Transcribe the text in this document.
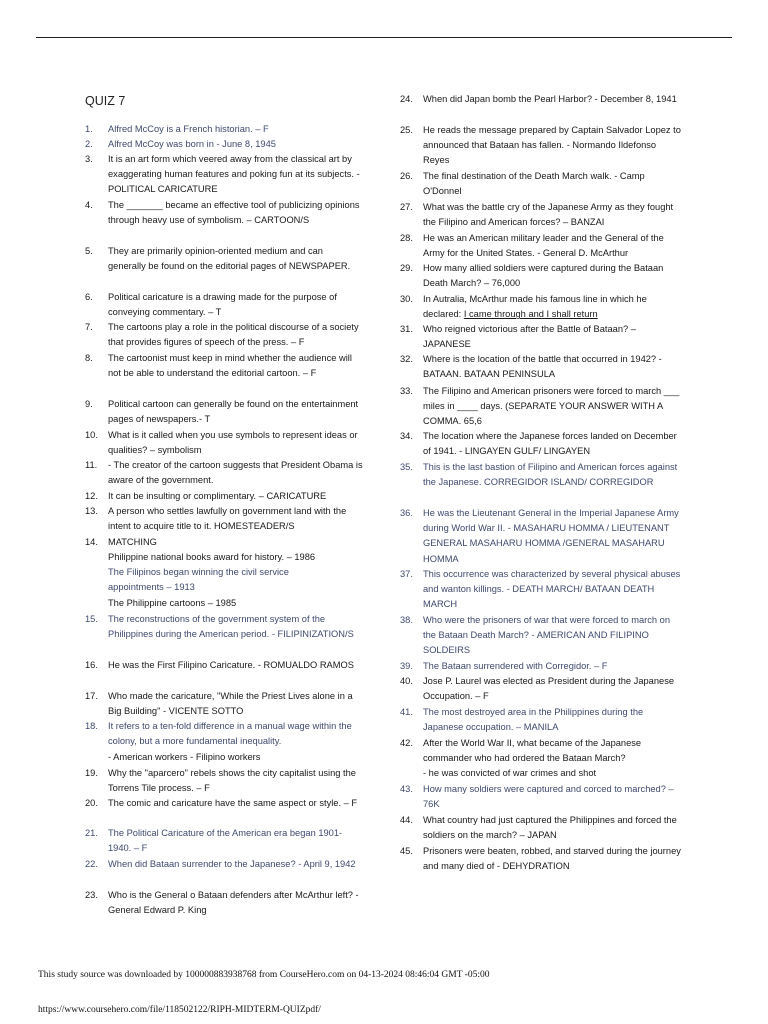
QUIZ 7
1.	Alfred McCoy is a French historian. – F
2.	Alfred McCoy was born in - June 8, 1945
3.	It is an art form which veered away from the classical art by exaggerating human features and poking fun at its subjects. - POLITICAL CARICATURE
4.	The _______ became an effective tool of publicizing opinions through heavy use of symbolism. – CARTOON/S
5.	They are primarily opinion-oriented medium and can generally be found on the editorial pages of NEWSPAPER.
6.	Political caricature is a drawing made for the purpose of conveying commentary. – T
7.	The cartoons play a role in the political discourse of a society that provides figures of speech of the press. – F
8.	The cartoonist must keep in mind whether the audience will not be able to understand the editorial cartoon. – F
9.	Political cartoon can generally be found on the entertainment pages of newspapers.- T
10.	What is it called when you use symbols to represent ideas or qualities? – symbolism
11.	- The creator of the cartoon suggests that President Obama is aware of the government.
12.	It can be insulting or complimentary. – CARICATURE
13.	A person who settles lawfully on government land with the intent to acquire title to it. HOMESTEADER/S
14.	MATCHING
Philippine national books award for history. – 1986
The Filipinos began winning the civil service appointments – 1913
The Philippine cartoons – 1985
15.	The reconstructions of the government system of the Philippines during the American period. - FILIPINIZATION/S
16.	He was the First Filipino Caricature. - ROMUALDO RAMOS
17.	Who made the caricature, "While the Priest Lives alone in a Big Building" - VICENTE SOTTO
18.	It refers to a ten-fold difference in a manual wage within the colony, but a more fundamental inequality.
- American workers - Filipino workers
19.	Why the "aparcero" rebels shows the city capitalist using the Torrens Tile process. – F
20.	The comic and caricature have the same aspect or style. – F
21.	The Political Caricature of the American era began 1901-1940. – F
22.	When did Bataan surrender to the Japanese? - April 9, 1942
23.	Who is the General o Bataan defenders after McArthur left? - General Edward P. King
24.	When did Japan bomb the Pearl Harbor? - December 8, 1941
25.	He reads the message prepared by Captain Salvador Lopez to announced that Bataan has fallen. - Normando Ildefonso Reyes
26.	The final destination of the Death March walk. - Camp O'Donnel
27.	What was the battle cry of the Japanese Army as they fought the Filipino and American forces? – BANZAI
28.	He was an American military leader and the General of the Army for the United States. - General D. McArthur
29.	How many allied soldiers were captured during the Bataan Death March? – 76,000
30.	In Autralia, McArthur made his famous line in which he declared: I came through and I shall return
31.	Who reigned victorious after the Battle of Bataan? – JAPANESE
32.	Where is the location of the battle that occurred in 1942? - BATAAN. BATAAN PENINSULA
33.	The Filipino and American prisoners were forced to march ___ miles in ____ days. (SEPARATE YOUR ANSWER WITH A COMMA. 65,6
34.	The location where the Japanese forces landed on December of 1941. - LINGAYEN GULF/ LINGAYEN
35.	This is the last bastion of Filipino and American forces against the Japanese. CORREGIDOR ISLAND/ CORREGIDOR
36.	He was the Lieutenant General in the Imperial Japanese Army during World War II. - MASAHARU HOMMA / LIEUTENANT GENERAL MASAHARU HOMMA /GENERAL MASAHARU HOMMA
37.	This occurrence was characterized by several physical abuses and wanton killings. - DEATH MARCH/ BATAAN DEATH MARCH
38.	Who were the prisoners of war that were forced to march on the Bataan Death March? - AMERICAN AND FILIPINO SOLDEIRS
39.	The Bataan surrendered with Corregidor. – F
40.	Jose P. Laurel was elected as President during the Japanese Occupation. – F
41.	The most destroyed area in the Philippines during the Japanese occupation. – MANILA
42.	After the World War II, what became of the Japanese commander who had ordered the Bataan March?
- he was convicted of war crimes and shot
43.	How many soldiers were captured and corced to marched? – 76K
44.	What country had just captured the Philippines and forced the soldiers on the march? – JAPAN
45.	Prisoners were beaten, robbed, and starved during the journey and many died of - DEHYDRATION
This study source was downloaded by 100000883938768 from CourseHero.com on 04-13-2024 08:46:04 GMT -05:00
https://www.coursehero.com/file/118502122/RIPH-MIDTERM-QUIZpdf/
